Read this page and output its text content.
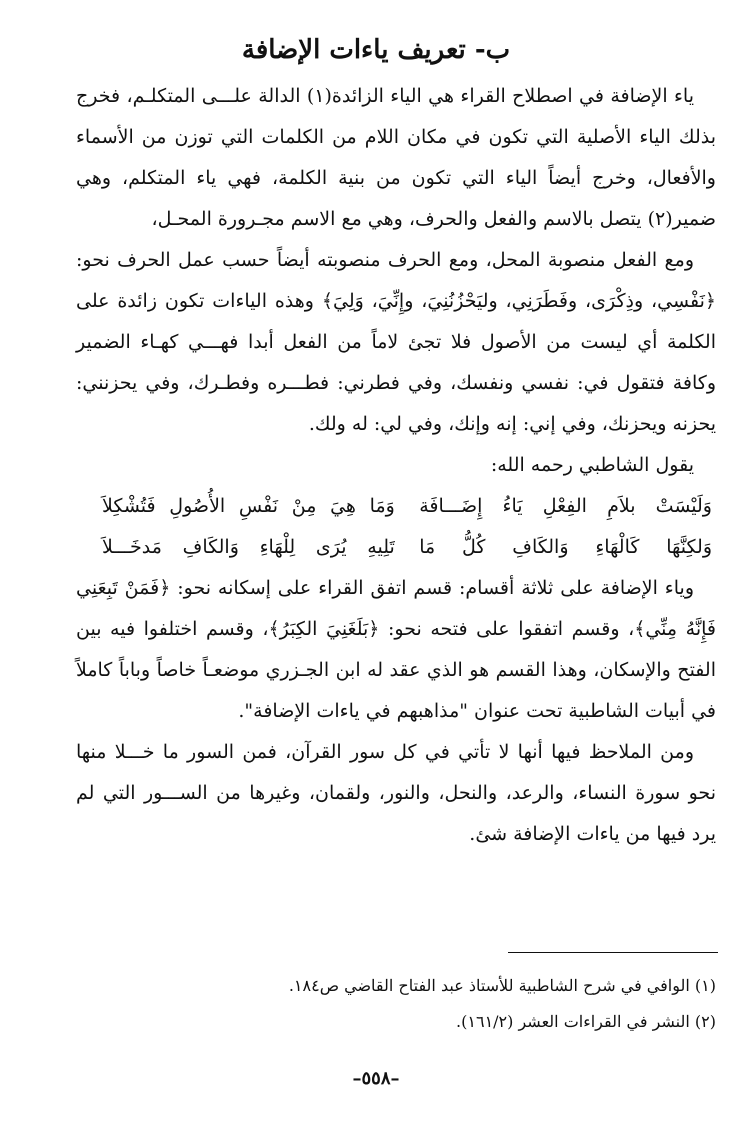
ب- تعريف ياءات الإضافة

ياء الإضافة في اصطلاح القراء هي الياء الزائدة(١) الدالة علـــى المتكلـم، فخرج بذلك الياء الأصلية التي تكون في مكان اللام من الكلمات التي توزن من الأسماء والأفعال، وخرج أيضاً الياء التي تكون من بنية الكلمة، فهي ياء المتكلم، وهي ضمير(٢) يتصل بالاسم والفعل والحرف، وهي مع الاسم مجـرورة المحـل،

ومع الفعل منصوبة المحل، ومع الحرف منصوبته أيضاً حسب عمل الحرف نحو: ﴿نَفْسِي، وذِكْرَى، وفَطَرَنِي، وليَحْزُنُنِيَ، وإِنِّيَ، وَلِيَ﴾ وهذه الياءات تكون زائدة على الكلمة أي ليست من الأصول فلا تجئ لاماً من الفعل أبدا فهـــي كهـاء الضمير وكافة فتقول في: نفسي ونفسك، وفي فطرني: فطـــره وفطـرك، وفي يحزنني: يحزنه ويحزنك، وفي إني: إنه وإنك، وفي لي: له ولك.

يقول الشاطبي رحمه الله:

وَلَيْسَتْ بلاَمِ الفِعْلِ يَاءُ إِضَـــافَة
وَمَا هِيَ مِنْ نَفْسِ الأُصُولِ فَتُشْكِلاَ
وَلكِنَّهَا كَالْهَاءِ وَالكَافِ كُلُّ مَا
تَلِيهِ يُرَى لِلْهَاءِ وَالكَافِ مَدخَـــلاَ

وياء الإضافة على ثلاثة أقسام: قسم اتفق القراء على إسكانه نحو: ﴿فَمَنْ تَبِعَنِي فَإِنَّهُ مِنِّي﴾، وقسم اتفقوا على فتحه نحو: ﴿بَلَغَنِيَ الكِبَرُ﴾، وقسم اختلفوا فيه بين الفتح والإسكان، وهذا القسم هو الذي عقد له ابن الجـزري موضعـاً خاصاً وباباً كاملاً في أبيات الشاطبية تحت عنوان "مذاهبهم في ياءات الإضافة".

ومن الملاحظ فيها أنها لا تأتي في كل سور القرآن، فمن السور ما خـــلا منها نحو سورة النساء، والرعد، والنحل، والنور، ولقمان، وغيرها من الســـور التي لم يرد فيها من ياءات الإضافة شئ.

(١) الوافي في شرح الشاطبية للأستاذ عبد الفتاح القاضي ص١٨٤.

(٢) النشر في القراءات العشر (١٦١/٢).

–٥٥٨–
